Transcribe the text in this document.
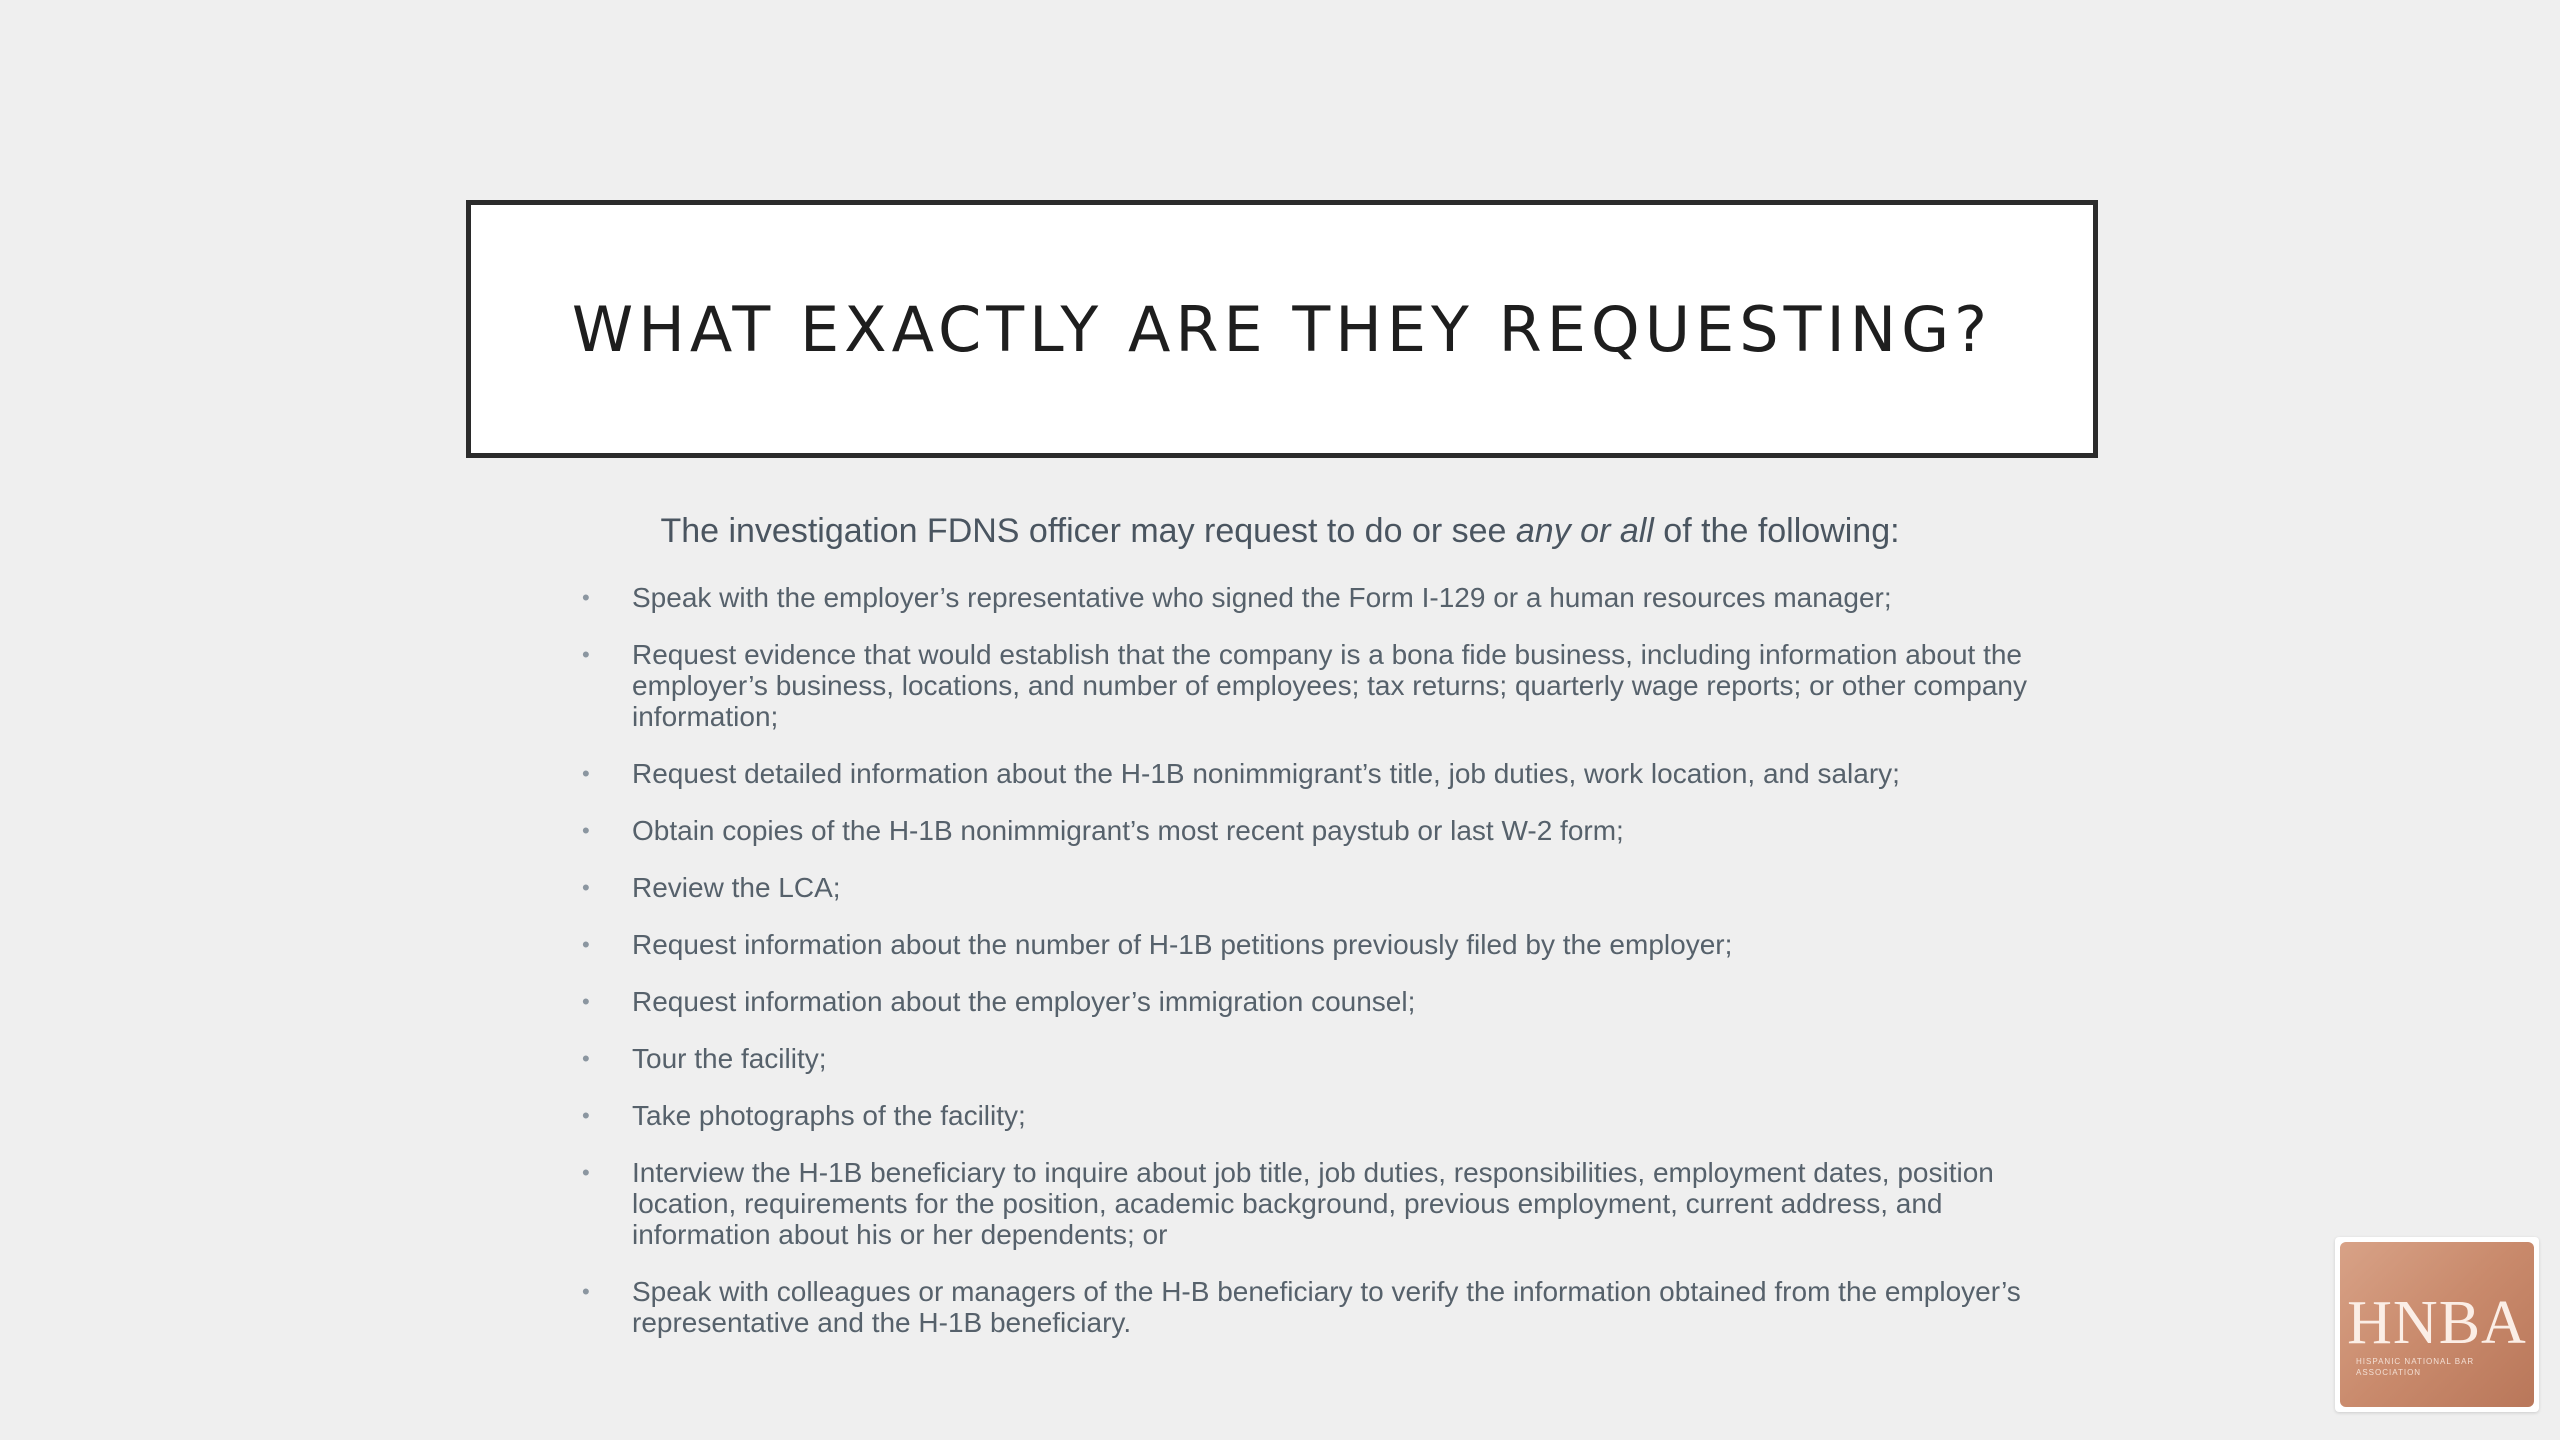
WHAT EXACTLY ARE THEY REQUESTING?
The investigation FDNS officer may request to do or see any or all of the following:
•	Speak with the employer’s representative who signed the Form I-129 or a human resources manager;
•	Request evidence that would establish that the company is a bona fide business, including information about the employer’s business, locations, and number of employees; tax returns; quarterly wage reports; or other company information;
•	Request detailed information about the H-1B nonimmigrant’s title, job duties, work location, and salary;
•	Obtain copies of the H-1B nonimmigrant’s most recent paystub or last W-2 form;
•	Review the LCA;
•	Request information about the number of H-1B petitions previously filed by the employer;
•	Request information about the employer’s immigration counsel;
•	Tour the facility;
•	Take photographs of the facility;
•	Interview the H-1B beneficiary to inquire about job title, job duties, responsibilities, employment dates, position location, requirements for the position, academic background, previous employment, current address, and information about his or her dependents; or
•	Speak with colleagues or managers of the H-B beneficiary to verify the information obtained from the employer’s representative and the H-1B beneficiary.	HNBA
HISPANIC NATIONAL BAR ASSOCIATION
